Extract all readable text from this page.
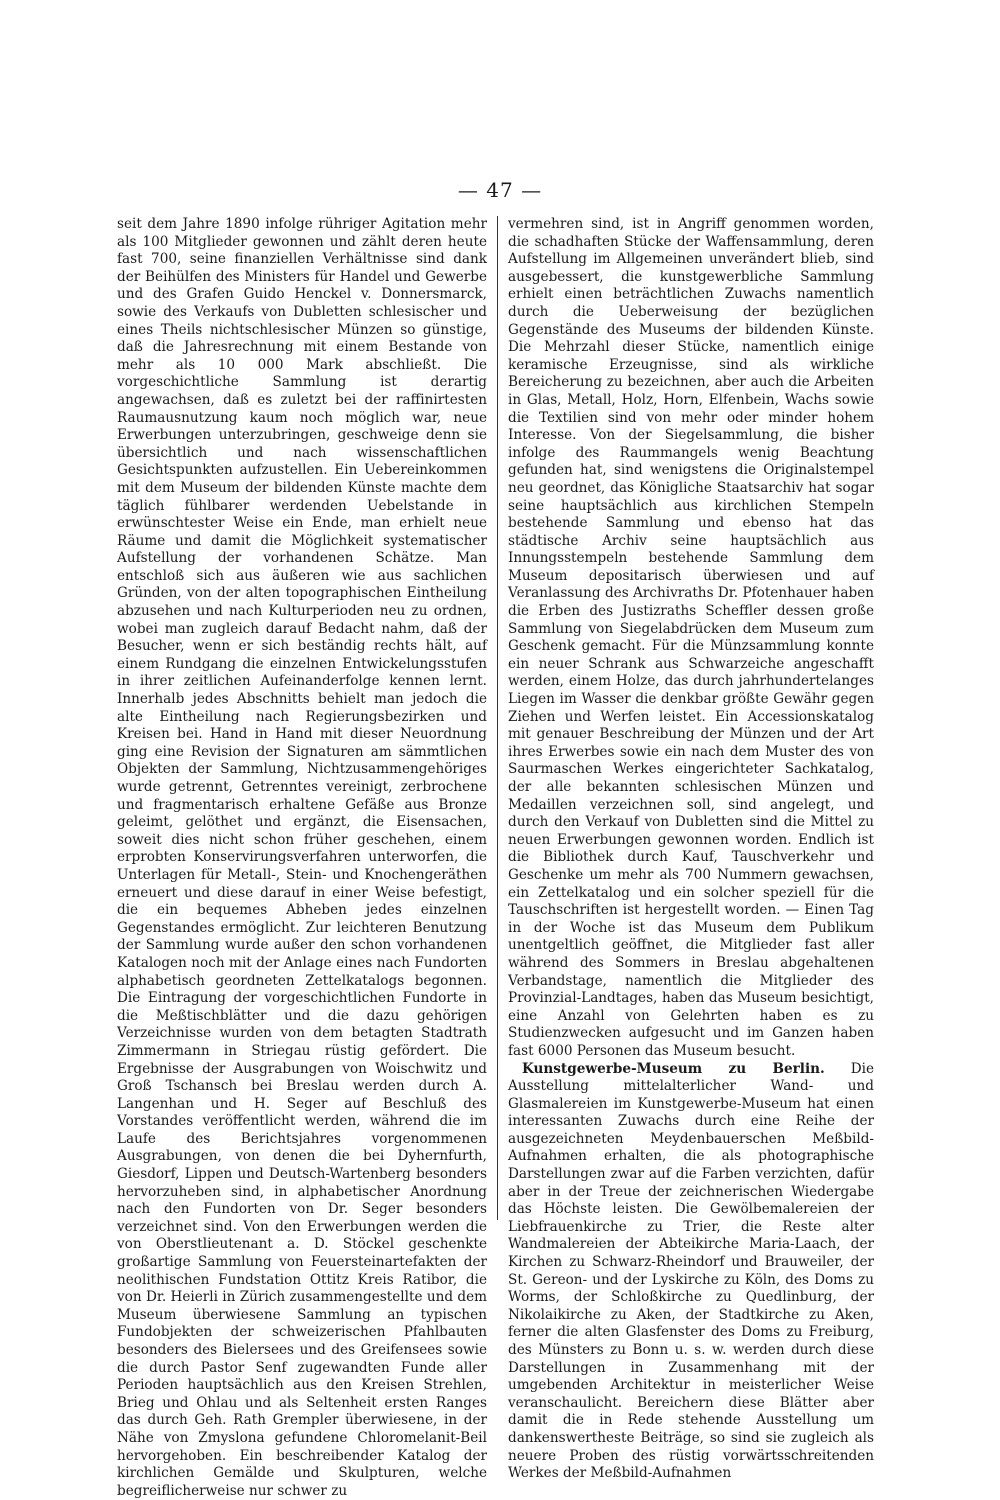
— 47 —

seit dem Jahre 1890 infolge rühriger Agitation mehr als 100 Mitglieder gewonnen und zählt deren heute fast 700, seine finanziellen Verhältnisse sind dank der Beihülfen des Ministers für Handel und Gewerbe und des Grafen Guido Henckel v. Donnersmarck, sowie des Verkaufs von Dubletten schlesischer und eines Theils nichtschlesischer Münzen so günstige, daß die Jahresrechnung mit einem Bestande von mehr als 10 000 Mark abschließt. Die vorgeschichtliche Sammlung ist derartig angewachsen, daß es zuletzt bei der raffinirtesten Raumausnutzung kaum noch möglich war, neue Erwerbungen unterzubringen, geschweige denn sie übersichtlich und nach wissenschaftlichen Gesichtspunkten aufzustellen. Ein Uebereinkommen mit dem Museum der bildenden Künste machte dem täglich fühlbarer werdenden Uebelstande in erwünschtester Weise ein Ende, man erhielt neue Räume und damit die Möglichkeit systematischer Aufstellung der vorhandenen Schätze. Man entschloß sich aus äußeren wie aus sachlichen Gründen, von der alten topographischen Eintheilung abzusehen und nach Kulturperioden neu zu ordnen, wobei man zugleich darauf Bedacht nahm, daß der Besucher, wenn er sich beständig rechts hält, auf einem Rundgang die einzelnen Entwickelungsstufen in ihrer zeitlichen Aufeinanderfolge kennen lernt. Innerhalb jedes Abschnitts behielt man jedoch die alte Eintheilung nach Regierungsbezirken und Kreisen bei. Hand in Hand mit dieser Neuordnung ging eine Revision der Signaturen am sämmtlichen Objekten der Sammlung, Nichtzusammengehöriges wurde getrennt, Getrenntes vereinigt, zerbrochene und fragmentarisch erhaltene Gefäße aus Bronze geleimt, gelöthet und ergänzt, die Eisensachen, soweit dies nicht schon früher geschehen, einem erprobten Konservirungsverfahren unterworfen, die Unterlagen für Metall-, Stein- und Knochengeräthen erneuert und diese darauf in einer Weise befestigt, die ein bequemes Abheben jedes einzelnen Gegenstandes ermöglicht. Zur leichteren Benutzung der Sammlung wurde außer den schon vorhandenen Katalogen noch mit der Anlage eines nach Fundorten alphabetisch geordneten Zettelkatalogs begonnen. Die Eintragung der vorgeschichtlichen Fundorte in die Meßtischblätter und die dazu gehörigen Verzeichnisse wurden von dem betagten Stadtrath Zimmermann in Striegau rüstig gefördert. Die Ergebnisse der Ausgrabungen von Woischwitz und Groß Tschansch bei Breslau werden durch A. Langenhan und H. Seger auf Beschluß des Vorstandes veröffentlicht werden, während die im Laufe des Berichtsjahres vorgenommenen Ausgrabungen, von denen die bei Dyhernfurth, Giesdorf, Lippen und Deutsch-Wartenberg besonders hervorzuheben sind, in alphabetischer Anordnung nach den Fundorten von Dr. Seger besonders verzeichnet sind. Von den Erwerbungen werden die von Oberstlieutenant a. D. Stöckel geschenkte großartige Sammlung von Feuersteinartefakten der neolithischen Fundstation Ottitz Kreis Ratibor, die von Dr. Heierli in Zürich zusammengestellte und dem Museum überwiesene Sammlung an typischen Fundobjekten der schweizerischen Pfahlbauten besonders des Bielersees und des Greifensees sowie die durch Pastor Senf zugewandten Funde aller Perioden hauptsächlich aus den Kreisen Strehlen, Brieg und Ohlau und als Seltenheit ersten Ranges das durch Geh. Rath Grempler überwiesene, in der Nähe von Zmyslona gefundene Chloromelanit-Beil hervorgehoben. Ein beschreibender Katalog der kirchlichen Gemälde und Skulpturen, welche begreiflicherweise nur schwer zu

vermehren sind, ist in Angriff genommen worden, die schadhaften Stücke der Waffensammlung, deren Aufstellung im Allgemeinen unverändert blieb, sind ausgebessert, die kunstgewerbliche Sammlung erhielt einen beträchtlichen Zuwachs namentlich durch die Ueberweisung der bezüglichen Gegenstände des Museums der bildenden Künste. Die Mehrzahl dieser Stücke, namentlich einige keramische Erzeugnisse, sind als wirkliche Bereicherung zu bezeichnen, aber auch die Arbeiten in Glas, Metall, Holz, Horn, Elfenbein, Wachs sowie die Textilien sind von mehr oder minder hohem Interesse. Von der Siegelsammlung, die bisher infolge des Raummangels wenig Beachtung gefunden hat, sind wenigstens die Originalstempel neu geordnet, das Königliche Staatsarchiv hat sogar seine hauptsächlich aus kirchlichen Stempeln bestehende Sammlung und ebenso hat das städtische Archiv seine hauptsächlich aus Innungsstempeln bestehende Sammlung dem Museum depositarisch überwiesen und auf Veranlassung des Archivraths Dr. Pfotenhauer haben die Erben des Justizraths Scheffler dessen große Sammlung von Siegelabdrücken dem Museum zum Geschenk gemacht. Für die Münzsammlung konnte ein neuer Schrank aus Schwarzeiche angeschafft werden, einem Holze, das durch jahrhundertelanges Liegen im Wasser die denkbar größte Gewähr gegen Ziehen und Werfen leistet. Ein Accessionskatalog mit genauer Beschreibung der Münzen und der Art ihres Erwerbes sowie ein nach dem Muster des von Saurmaschen Werkes eingerichteter Sachkatalog, der alle bekannten schlesischen Münzen und Medaillen verzeichnen soll, sind angelegt, und durch den Verkauf von Dubletten sind die Mittel zu neuen Erwerbungen gewonnen worden. Endlich ist die Bibliothek durch Kauf, Tauschverkehr und Geschenke um mehr als 700 Nummern gewachsen, ein Zettelkatalog und ein solcher speziell für die Tauschschriften ist hergestellt worden. — Einen Tag in der Woche ist das Museum dem Publikum unentgeltlich geöffnet, die Mitglieder fast aller während des Sommers in Breslau abgehaltenen Verbandstage, namentlich die Mitglieder des Provinzial-Landtages, haben das Museum besichtigt, eine Anzahl von Gelehrten haben es zu Studienzwecken aufgesucht und im Ganzen haben fast 6000 Personen das Museum besucht.

Kunstgewerbe-Museum zu Berlin. Die Ausstellung mittelalterlicher Wand- und Glasmalereien im Kunstgewerbe-Museum hat einen interessanten Zuwachs durch eine Reihe der ausgezeichneten Meydenbauerschen Meßbild-Aufnahmen erhalten, die als photographische Darstellungen zwar auf die Farben verzichten, dafür aber in der Treue der zeichnerischen Wiedergabe das Höchste leisten. Die Gewölbemalereien der Liebfrauenkirche zu Trier, die Reste alter Wandmalereien der Abteikirche Maria-Laach, der Kirchen zu Schwarz-Rheindorf und Brauweiler, der St. Gereon- und der Lyskirche zu Köln, des Doms zu Worms, der Schloßkirche zu Quedlinburg, der Nikolaikirche zu Aken, der Stadtkirche zu Aken, ferner die alten Glasfenster des Doms zu Freiburg, des Münsters zu Bonn u. s. w. werden durch diese Darstellungen in Zusammenhang mit der umgebenden Architektur in meisterlicher Weise veranschaulicht. Bereichern diese Blätter aber damit die in Rede stehende Ausstellung um dankenswertheste Beiträge, so sind sie zugleich als neuere Proben des rüstig vorwärtsschreitenden Werkes der Meßbild-Aufnahmen
